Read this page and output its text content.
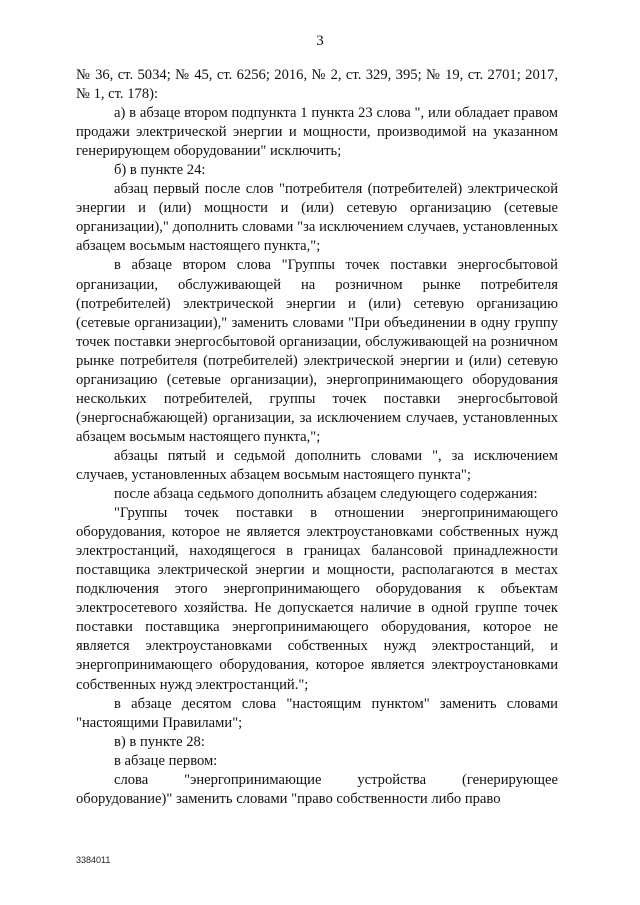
3

№ 36, ст. 5034; № 45, ст. 6256; 2016, № 2, ст. 329, 395; № 19, ст. 2701; 2017, № 1, ст. 178):

а) в абзаце втором подпункта 1 пункта 23 слова ", или обладает правом продажи электрической энергии и мощности, производимой на указанном генерирующем оборудовании" исключить;

б) в пункте 24:

абзац первый после слов "потребителя (потребителей) электрической энергии и (или) мощности и (или) сетевую организацию (сетевые организации)," дополнить словами "за исключением случаев, установленных абзацем восьмым настоящего пункта,";

в абзаце втором слова "Группы точек поставки энергосбытовой организации, обслуживающей на розничном рынке потребителя (потребителей) электрической энергии и (или) сетевую организацию (сетевые организации)," заменить словами "При объединении в одну группу точек поставки энергосбытовой организации, обслуживающей на розничном рынке потребителя (потребителей) электрической энергии и (или) сетевую организацию (сетевые организации), энергопринимающего оборудования нескольких потребителей, группы точек поставки энергосбытовой (энергоснабжающей) организации, за исключением случаев, установленных абзацем восьмым настоящего пункта,";

абзацы пятый и седьмой дополнить словами ", за исключением случаев, установленных абзацем восьмым настоящего пункта";

после абзаца седьмого дополнить абзацем следующего содержания:

"Группы точек поставки в отношении энергопринимающего оборудования, которое не является электроустановками собственных нужд электростанций, находящегося в границах балансовой принадлежности поставщика электрической энергии и мощности, располагаются в местах подключения этого энергопринимающего оборудования к объектам электросетевого хозяйства. Не допускается наличие в одной группе точек поставки поставщика энергопринимающего оборудования, которое не является электроустановками собственных нужд электростанций, и энергопринимающего оборудования, которое является электроустановками собственных нужд электростанций.";

в абзаце десятом слова "настоящим пунктом" заменить словами "настоящими Правилами";

в) в пункте 28:

в абзаце первом:

слова "энергопринимающие устройства (генерирующее оборудование)" заменить словами "право собственности либо право

3384011
